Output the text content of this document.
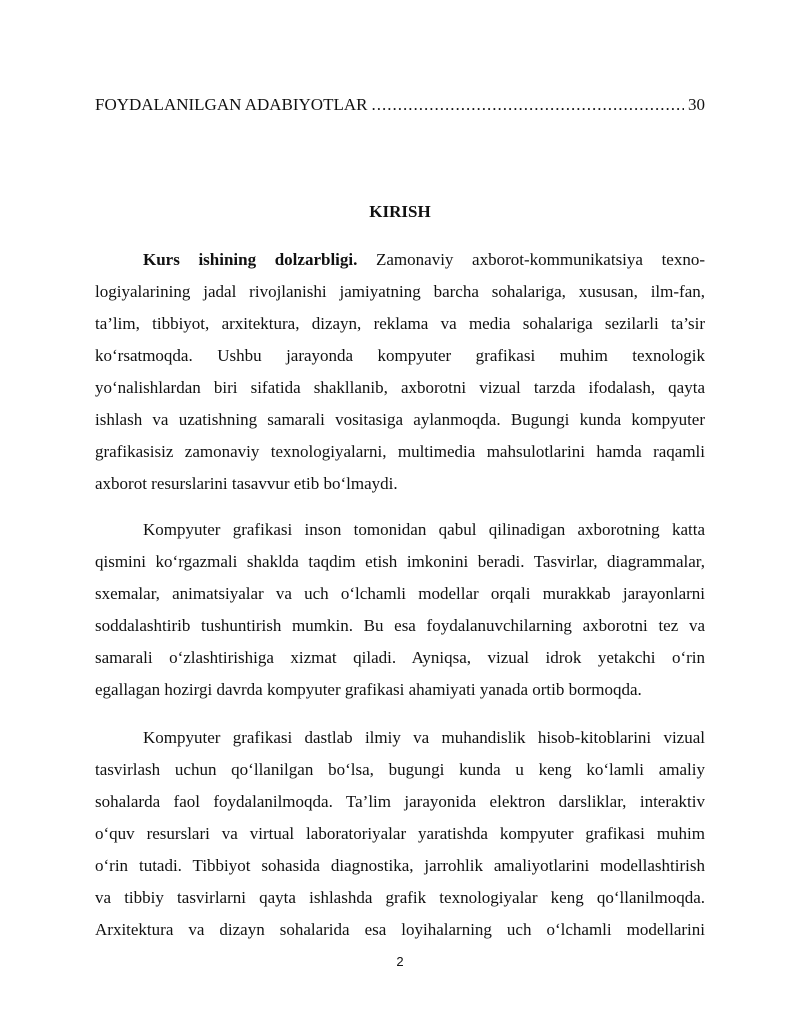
FOYDALANILGAN ADABIYOTLAR
.....	30
KIRISH
Kurs ishining dolzarbligi. Zamonaviy axborot-kommunikatsiya texno-
logiyalarining jadal rivojlanishi jamiyatning barcha sohalariga, xususan, ilm-fan,
ta’lim, tibbiyot, arxitektura, dizayn, reklama va media sohalariga sezilarli ta’sir
ko‘rsatmoqda. Ushbu jarayonda kompyuter grafikasi muhim texnologik
yo‘nalishlardan biri sifatida shakllanib, axborotni vizual tarzda ifodalash, qayta
ishlash va uzatishning samarali vositasiga aylanmoqda. Bugungi kunda kompyuter
grafikasisiz zamonaviy texnologiyalarni, multimedia mahsulotlarini hamda raqamli
axborot resurslarini tasavvur etib bo‘lmaydi.
Kompyuter grafikasi inson tomonidan qabul qilinadigan axborotning katta
qismini ko‘rgazmali shaklda taqdim etish imkonini beradi. Tasvirlar, diagrammalar,
sxemalar, animatsiyalar va uch o‘lchamli modellar orqali murakkab jarayonlarni
soddalashtirib tushuntirish mumkin. Bu esa foydalanuvchilarning axborotni tez va
samarali o‘zlashtirishiga xizmat qiladi. Ayniqsa, vizual idrok yetakchi o‘rin
egallagan hozirgi davrda kompyuter grafikasi ahamiyati yanada ortib bormoqda.
Kompyuter grafikasi dastlab ilmiy va muhandislik hisob-kitoblarini vizual
tasvirlash uchun qo‘llanilgan bo‘lsa, bugungi kunda u keng ko‘lamli amaliy
sohalarda faol foydalanilmoqda. Ta’lim jarayonida elektron darsliklar, interaktiv
o‘quv resurslari va virtual laboratoriyalar yaratishda kompyuter grafikasi muhim
o‘rin tutadi. Tibbiyot sohasida diagnostika, jarrohlik amaliyotlarini modellashtirish
va tibbiy tasvirlarni qayta ishlashda grafik texnologiyalar keng qo‘llanilmoqda.
Arxitektura va dizayn sohalarida esa loyihalarning uch o‘lchamli modellarini
2
